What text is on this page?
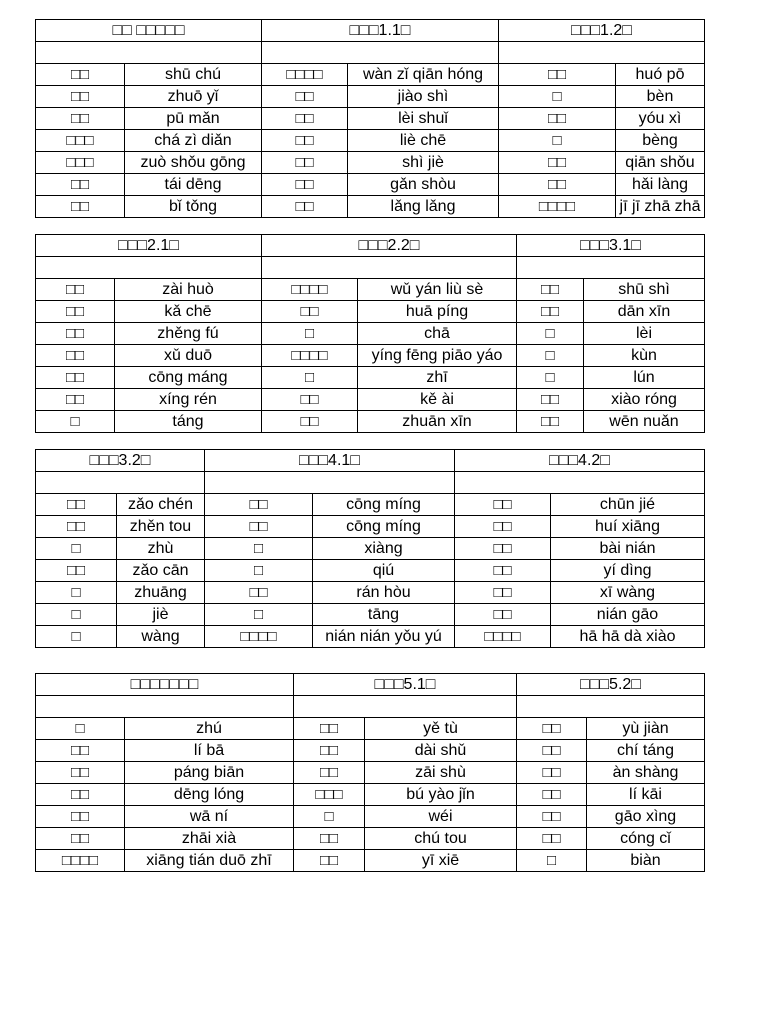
□□ □□□□□		□□□1.1□		□□□1.2□	

□□	shū chú	□□□□	wàn zǐ qiān hóng	□□	huó pō
□□	zhuō yǐ	□□	jiào shì	□	bèn
□□	pū mǎn	□□	lèi shuǐ	□□	yóu xì
□□□	chá zì diǎn	□□	liè chē	□	bèng
□□□	zuò shǒu gōng	□□	shì jiè	□□	qiān shǒu
□□	tái dēng	□□	gǎn shòu	□□	hǎi làng
□□	bǐ tǒng	□□	lǎng lǎng	□□□□	jī jī zhā zhā
□□□2.1□		□□□2.2□		□□□3.1□	

□□	zài huò	□□□□	wǔ yán liù sè	□□	shū shì
□□	kǎ chē	□□	huā píng	□□	dān xīn
□□	zhěng fú	□	chā	□	lèi
□□	xǔ duō	□□□□	yíng fēng piāo yáo	□	kùn
□□	cōng máng	□	zhī	□	lún
□□	xíng rén	□□	kě ài	□□	xiào róng
□	táng	□□	zhuān xīn	□□	wēn nuǎn
□□□3.2□		□□□4.1□		□□□4.2□	

□□	zǎo chén	□□	cōng míng	□□	chūn jié
□□	zhěn tou	□□	cōng míng	□□	huí xiāng
□	zhù	□	xiàng	□□	bài nián
□□	zǎo cān	□	qiú	□□	yí dìng
□	zhuāng	□□	rán hòu	□□	xī wàng
□	jiè	□	tāng	□□	nián gāo
□	wàng	□□□□	nián nián yǒu yú	□□□□	hā hā dà xiào
□□□□□□□		□□□5.1□		□□□5.2□	

□	zhú	□□	yě tù	□□	yù jiàn
□□	lí bā	□□	dài shǔ	□□	chí táng
□□	páng biān	□□	zāi shù	□□	àn shàng
□□	dēng lóng	□□□	bú yào jǐn	□□	lí kāi
□□	wā ní	□	wéi	□□	gāo xìng
□□	zhāi xià	□□	chú tou	□□	cóng cǐ
□□□□	xiāng tián duō zhī	□□	yī xiē	□	biàn
